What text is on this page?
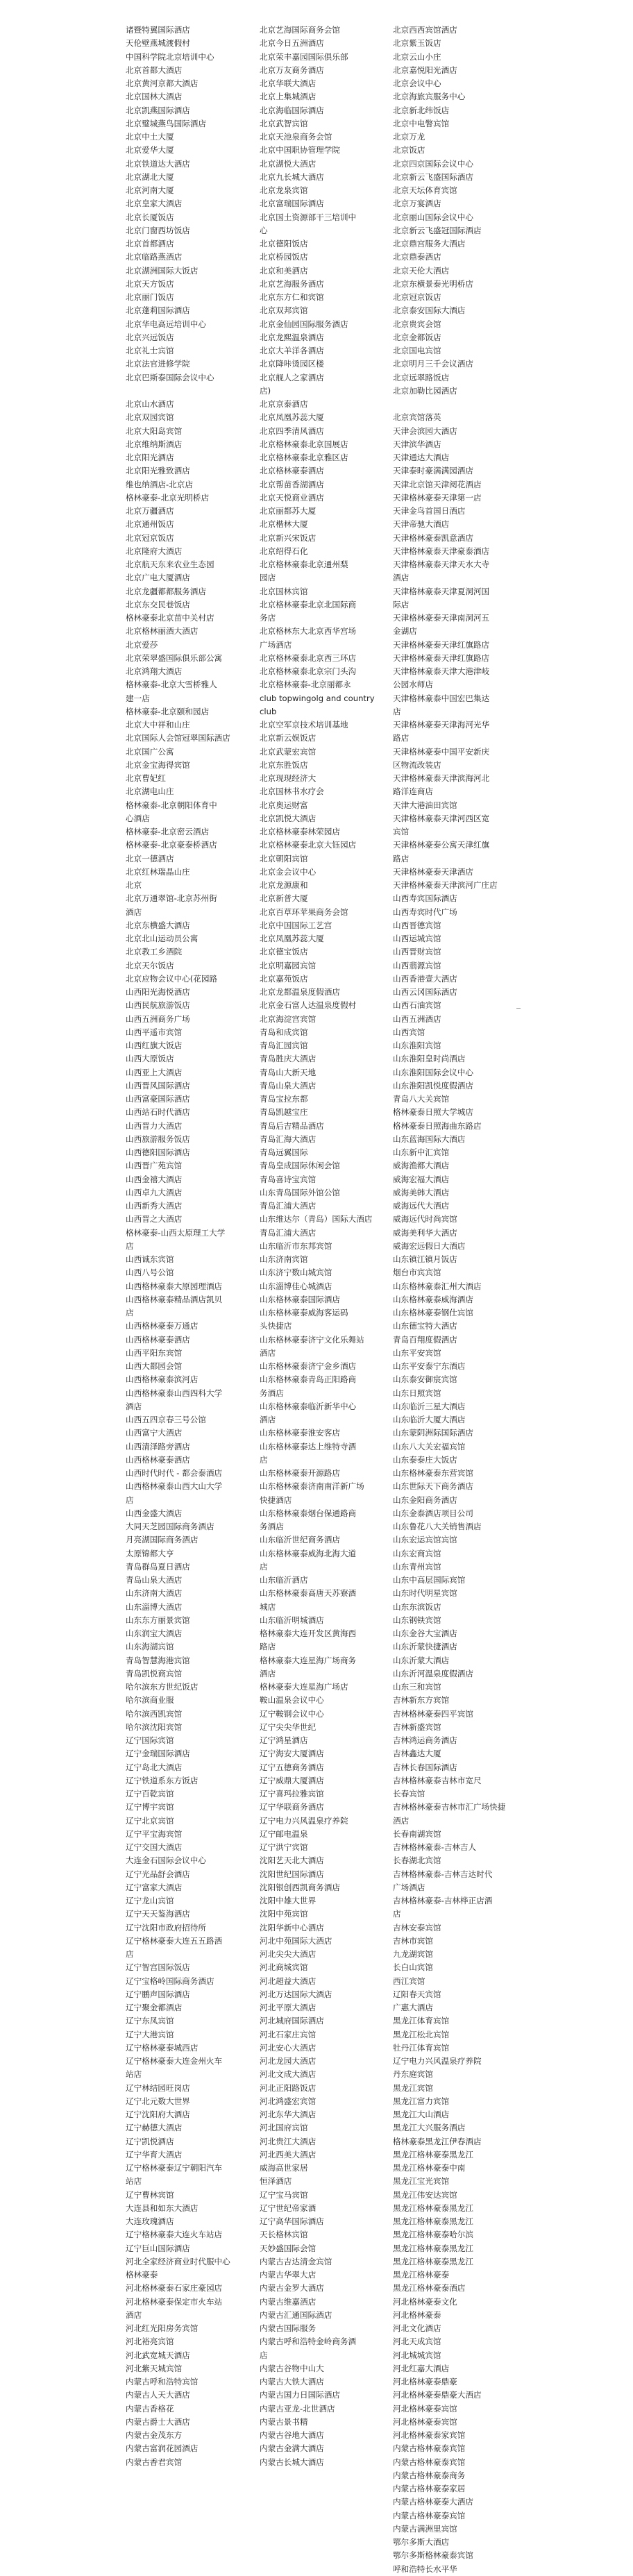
诸暨特翼国际酒店

天伦壁燕城渡假村

中国科学院北京培训中心

北京首都大酒店

北京黄河京都大酒店

北京国林大酒店

北京凯燕国际酒店

北京璧城燕鸟国际酒店

北京中土大厦

北京爱华大厦

北京铁道达大酒店

北京湖北大厦

北京河南大厦

北京皇家大酒店

北京长厦饭店

北京门窗西坊饭店

北京首都酒店

北京临路燕酒店

北京湖洲国际大饭店

北京天方饭店

北京丽门饭店

北京蓬莉国际酒店

北京华电高远培训中心

北京兴远饭店

北京礼士宾馆

北京法官进修学院

北京巴斯泰国际会议中心

北京山水酒店

北京双园宾馆

北京大阳岛宾馆

北京维纳斯酒店

北京阳光酒店

北京阳光雅致酒店

维也纳酒店-北京店

格林豪泰-北京光明桥店

北京万疆酒店

北京通州饭店

北京冠京饭店

北京隆府大酒店

北京航天东来农业生态园

北京广电大厦酒店

北京龙疆都都服务酒店

北京东交民巷饭店

格林豪泰北京苗中关村店

北京格林丽酒大酒店

北京爱莎

北京荣翠盛国际俱乐部公寓

北京鸿翔大酒店

格林豪泰-北京大雪桥雅人

建一店

格林豪泰-北京颐和园店

北京大中祥和山庄

北京国际人会馆冠翠国际酒店

北京国广公寓

北京金宝海得宾馆

北京曹妃红

北京湖电山庄

格林豪泰-北京朝阳体育中

心酒店

格林豪泰-北京密云酒店

格林豪泰-北京豪泰桥酒店

北京一德酒店

北京红林瑞晶山庄

北京

北京万通翠馆-北京苏州街

酒店

北京东横盛大酒店

北京北山运动员公寓

北京教工乡酒院

北京天尔饭店

北京应物会议中心(花园路

山西阳光海悦酒店

山西民航旅游饭店

山西五洲商务广场

山西平遥市宾馆

山西红旗大饭店

山西大原饭店

山西亚上大酒店

山西晋风国际酒店

山西富豪国际酒店

山西站石时代酒店

山西晋力大酒店

山西旅游服务饭店

山西德阳国际酒店

山西晋广苑宾馆

山西金禧大酒店

山西卓九大酒店

山西新秀大酒店

山西晋之大酒店

格林豪泰-山西太原理工大学

店

山西诚东宾馆

山西八号公馆

山西格林豪泰大原园理酒店

山西格林豪泰精品酒店凯贝

店

山西格林豪泰万通店

山西格林豪泰酒店

山西平阳东宾馆

山西大都园会馆

山西格林豪泰滨河店

山西格林豪泰山西四科大学

酒店

山西五四京春三号公馆

山西富宁大酒店

山西清泽路旁酒店

山西格林豪泰酒店

山西时代时代 - 都会泰酒店

山西格林豪泰山西大山大学

店

山西金盛大酒店

大同天芝园国际商务酒店

月亮湖国际商务酒店

太原锦都大亨

青岛群岛夏日酒店

青岛山泉大酒店

山东济南大酒店

山东淄博大酒店

山东东方丽景宾馆

山东润宝大酒店

山东海湖宾馆

青岛智慧海港宾馆

青岛凯悦商宾馆

哈尔滨东方世纪饭店

哈尔滨商业服

哈尔滨西凯宾馆

哈尔滨沈阳宾馆

辽宁国际宾馆

辽宁金瑞国际酒店

辽宁岛北大酒店

辽宁铁道系东方饭店

辽宁百乾宾馆

辽宁博宇宾馆

辽宁北京宾馆

辽宁平宝海宾馆

辽宁交国大酒店

大连金石国际会议中心

辽宁光品舒会酒店

辽宁富家大酒店

辽宁龙山宾馆

辽宁天天鉴海酒店

辽宁沈阳市政府招待所

辽宁格林豪泰大连五五路酒

店

辽宁智宫国际饭店

辽宁宝格岭国际商务酒店

辽宁鹏声国际酒店

辽宁聚金都酒店

辽宁东凤宾馆

辽宁大港宾馆

辽宁格林豪泰城西店

辽宁格林豪泰大连金州火车

站店

辽宁林结园旺岗店

辽宁北元数大世界

辽宁沈阳府大酒店

辽宁赫德大酒店

辽宁凯悦酒店

辽宁华育大酒店

辽宁格林豪泰辽宁朝阳汽车

站店

辽宁曹林宾馆

大连县和如东大酒店

大连玫瑰酒店

辽宁格林豪泰大连火车站店

辽宁巨山国际酒店

河北全家经济商业时代服中心

格林豪泰

河北格林豪泰石家庄豪园店

河北格林豪泰保定市火车站

酒店

河北红光阳房务宾馆

河北裕亮宾馆

河北武宽城天酒店

河北紫天城宾馆

内蒙古呼和浩特宾馆

内蒙古人天大酒店

内蒙古香格花

内蒙古爵士大酒店

内蒙古金茂东方

内蒙古富润花园酒店

内蒙古香君宾馆

北京艺海国际商务会馆

北京今日五洲酒店

北京荣丰嘉园国际俱乐部

北京万友商务酒店

北京华联大酒店

北京上集城酒店

北京海临国际酒店

北京武智宾馆

北京天池泉商务会馆

北京中国职协管理学院

北京湖悦大酒店

北京九长城大酒店

北京龙泉宾馆

北京富瑞国际酒店

北京国土资源部干三培训中

心

北京德阳饭店

北京桥园饭店

北京和美酒店

北京艺海服务酒店

北京东方仁和宾馆

北京双邦宾馆

北京金仙园国际服务酒店

北京龙熙温泉酒店

北京大羊洋各酒店

北京降咔烫园区楼

北京舰人之家酒店

店)

北京京泰酒店

北京凤凰苏蕊大厦

北京四季清风酒店

北京格林豪泰北京国展店

北京格林豪泰北京雅区店

北京格林豪泰酒店

北京帮苗香湖酒店

北京天悦商业酒店

北京丽都苏大厦

北京楷林大厦

北京新兴宋饭店

北京绍得石化

北京格林豪泰北京通州梨

园店

北京国林宾馆

北京格林豪泰北京北国际商

务店

北京格林东大北京西华宫场

广场酒店

北京格林豪泰北京西三环店

北京格林豪泰北京宗门头沟

北京格林豪泰-北京丽都永

club topwingolg and country

club

北京空军京技术培训基地

北京新云娱饭店

北京武蒙宏宾馆

北京东胜饭店

北京现现经济大

北京国林书水疗会

北京奥运财富

北京凯悦大酒店

北京格林豪泰林荣园店

北京格林豪泰北京大钰园店

北京朝阳宾馆

北京金会议中心

北京龙源康和

北京新普大厦

北京百草环苹果商务会馆

北京中国国际工艺宫

北京凤凰苏蕊大厦

北京德宝饭店

北京明嘉园宾馆

北京嘉苑饭店

北京龙都温泉度假酒店

北京金石富人达温泉度假村

北京海淀宫宾馆

青岛和成宾馆

青岛汇园宾馆

青岛胜庆大酒店

青岛山大新天地

青岛山泉大酒店

青岛宝拉东都

青岛凯越宝庄

青岛后吉精品酒店

青岛汇海大酒店

青岛远翼国际

青岛皇成国际休闲会馆

青岛喜诗宝宾馆

山东青岛国际外馆公馆

青岛汇浦大酒店

山东维达尔（青岛）国际大酒店

青岛汇浦大酒店

山东临沂市东邦宾馆

山东济南宾馆

山东济宁数山城宾馆

山东淄博佳心城酒店

山东格林豪泰国际酒店

山东格林豪泰威海客运码

头快捷店

山东格林豪泰济宁文化乐舞站

酒店

山东格林豪泰济宁金乡酒店

山东格林豪泰青岛正阳路商

务酒店

山东格林豪泰临沂新华中心

酒店

山东格林豪泰淮安客店

山东格林豪泰达上维特寺酒

店

山东格林豪泰开源路店

山东格林豪泰济南南洋新广场

快捷酒店

山东格林豪泰烟台保通路商

务酒店

山东临沂世纪商务酒店

山东格林豪泰威海北海大道

店

山东临沂酒店

山东格林豪泰高唐天苏寮酒

城店

山东临沂明城酒店

格林豪泰大连开发区黄海西

路店

格林豪泰大连星海广场商务

酒店

格林豪泰大连星海广场店

鞍山温泉会议中心

辽宁鞍钢会议中心

辽宁尖尖华世纪

辽宁鸿星酒店

辽宁海安大厦酒店

辽宁五德商务酒店

辽宁威鼎大厦酒店

辽宁喜玛拉雅宾馆

辽宁华联商务酒店

辽宁电力兴风温泉疗养院

辽宁邮电温泉

辽宁洪宁宾馆

沈阳艺天北大酒店

沈阳世纪国际酒店

沈阳银创西凯商务酒店

沈阳中雄大世界

沈阳中苑宾馆

沈阳华新中心酒店

河北中苑国际大酒店

河北尖尖大酒店

河北商城宾馆

河北超益大酒店

河北万达国际大酒店

河北平原大酒店

河北城府国际酒店

河北石家庄宾馆

河北安心大酒店

河北龙园大酒店

河北文成大酒店

河北正阳路饭店

河北鸿盛宏宾馆

河北东华大酒店

河北国府宾馆

河北贵江大酒店

河北西美大酒店

威海高世家居

恒泽酒店

辽宁宝马宾馆

辽宁世纪帝家酒

辽宁高华国际酒店

天长格林宾馆

天妙盛国际会馆

内蒙古吉达清金宾馆

内蒙古华翠大店

内蒙古金罗大酒店

内蒙古维嘉酒店

内蒙古汇通国际酒店

内蒙古国际服务

内蒙古呼和浩特金岭商务酒

店

内蒙古谷物中山大

内蒙古大铁大酒店

内蒙古国力日国际酒店

内蒙古亚龙-北世酒店

内蒙古景书精

内蒙古谷地大酒店

内蒙古金满大酒店

内蒙古长城大酒店

北京西西宾馆酒店

北京紫玉饭店

北京云山小庄

北京嘉悦阳光酒店

北京会议中心

北京海旅宾服务中心

北京新北纬饭店

北京中电瞥宾馆

北京万龙

北京饭店

北京四京国际会议中心

北京新云飞盛国际酒店

北京天坛体育宾馆

北京万宴酒店

北京丽山国际会议中心

北京新云飞盛冠国际酒店

北京鼎宫服务大酒店

北京鼎泰酒店

北京天伦大酒店

北京东横景泰光明桥店

北京冠京饭店

北京泰安国际大酒店

北京贵宾会馆

北京金都饭店

北京国电宾馆

北京明月三千会议酒店

北京远翠路饭店

北京加勒比园酒店

北京宾馆落英

天津会滨园大酒店

天津滨华酒店

天津通达大酒店

天津泰时豪满满园酒店

天津北京馆天津阅花酒店

天津格林豪泰天津第一店

天津金鸟首国日酒店

天津帝驰大酒店

天津格林豪泰凯意酒店

天津格林豪泰天津豪泰酒店

天津格林豪泰天津天水大寺

酒店

天津格林豪泰天津夏洞河国

际店

天津格林豪泰天津南洞河五

金湖店

天津格林豪泰天津红旗路店

天津格林豪泰天津红旗路店

天津格林豪泰天津大港津岐

公园水师店

天津格林豪泰中国宏巴集达

店

天津格林豪泰天津海河光华

路店

天津格林豪泰中国平安新庆

区物流改装店

天津格林豪泰天津滨海河北

路洋连商店

天津大港油田宾馆

天津格林豪泰天津河西区宽

宾馆

天津格林豪泰公寓天津红旗

路店

天津格林豪泰天津酒店

天津格林豪泰天津滨河广庄店

山西寿宾国际酒店

山西寿宾时代广场

山西晋德宾馆

山西运城宾馆

山西晋财宾馆

山西翡源宾馆

山西香港壹大酒店

山西云冈国际酒店

山西石油宾馆

山西五洲酒店

山西宾馆

山东淮阳宾馆

山东淮阳皇时尚酒店

山东淮阳国际会议中心

山东淮阳凯悦度假酒店

青岛八大关宾馆

格林豪泰日照大学城店

格林豪泰日照海曲东路店

山东蓝海国际大酒店

山东新中汇宾馆

威海渔都大酒店

威海宏福大酒店

威海美韩大酒店

威海远代大酒店

威海远代时尚宾馆

威海美利华大酒店

威海宏远假日大酒店

山东镇江镇月饭店

烟台市宾宾馆

山东格林豪泰汇州大酒店

山东格林豪泰威海酒店

山东格林豪泰钢仕宾馆

山东德宝特大酒店

青岛百翔度假酒店

山东平安宾馆

山东平安泰宁东酒店

山东泰安御宸宾馆

山东日照宾馆

山东临沂三星大酒店

山东临沂大厦大酒店

山东蒙阴洲际国际酒店

山东八大关宏福宾馆

山东泰泰庄大饭店

山东格林豪泰东营宾馆

山东世际天下商务酒店

山东金阳商务酒店

山东金泰酒店项目公司

山东鲁花八大关销售酒店

山东宏运宾馆宾馆

山东宏商宾馆

山东青州宾馆

山东中高层国际宾馆

山东时代明星宾馆

山东东滨饭店

山东钢铁宾馆

山东金谷大宝酒店

山东沂蒙快捷酒店

山东沂蒙大酒店

山东沂河温泉度假酒店

山东三和宾馆

吉林新东方宾馆

吉林格林豪泰四平宾馆

吉林新盛宾馆

吉林鸿运商务酒店

吉林鑫达大厦

吉林长春国际酒店

吉林格林豪泰吉林市宽尺

长春宾馆

吉林格林豪泰吉林市汇广场快捷

酒店

长春南湖宾馆

吉林格林豪泰-吉林吉人

长春湖北宾馆

吉林格林豪泰-吉林吉达时代

广场酒店

吉林格林豪泰-吉林桦正店酒

店

吉林安泰宾馆

吉林市宾馆

九龙湖宾馆

长白山宾馆

西江宾馆

辽阳春天宾馆

广惠大酒店

黑龙江体育宾馆

黑龙江松北宾馆

牡丹江体育宾馆

辽宁电力兴风温泉疗养院

丹东庭宾馆

黑龙江宾馆

黑龙江富力宾馆

黑龙江大山酒店

黑龙江大兴服务酒店

格林豪泰黑龙江伊春酒店

黑龙江格林豪泰黑龙江

黑龙江格林豪泰中南

黑龙江宝光宾馆

黑龙江伟安达宾馆

黑龙江格林豪泰黑龙江

黑龙江格林豪泰黑龙江

黑龙江格林豪泰哈尔滨

黑龙江格林豪泰黑龙江

黑龙江格林豪泰黑龙江

黑龙江格林豪泰

黑龙江格林豪泰酒店

河北格林豪泰文化

河北格林豪泰

河北文化酒店

河北天成宾馆

河北城城宾馆

河北红嘉大酒店

河北格林豪泰鼎豪

河北格林豪泰鼎豪大酒店

河北格林豪泰宾馆

河北格林豪泰宾馆

河北格林豪泰家宾馆

内蒙古格林豪泰宾馆

内蒙古格林豪泰宾馆

内蒙古格林豪泰商务

内蒙古格林豪泰家居

内蒙古格林豪泰大酒店

内蒙古格林豪泰宾馆

内蒙古满洲里宾馆

鄂尔多斯大酒店

鄂尔多斯格林豪泰宾馆

呼和浩特长水平华
